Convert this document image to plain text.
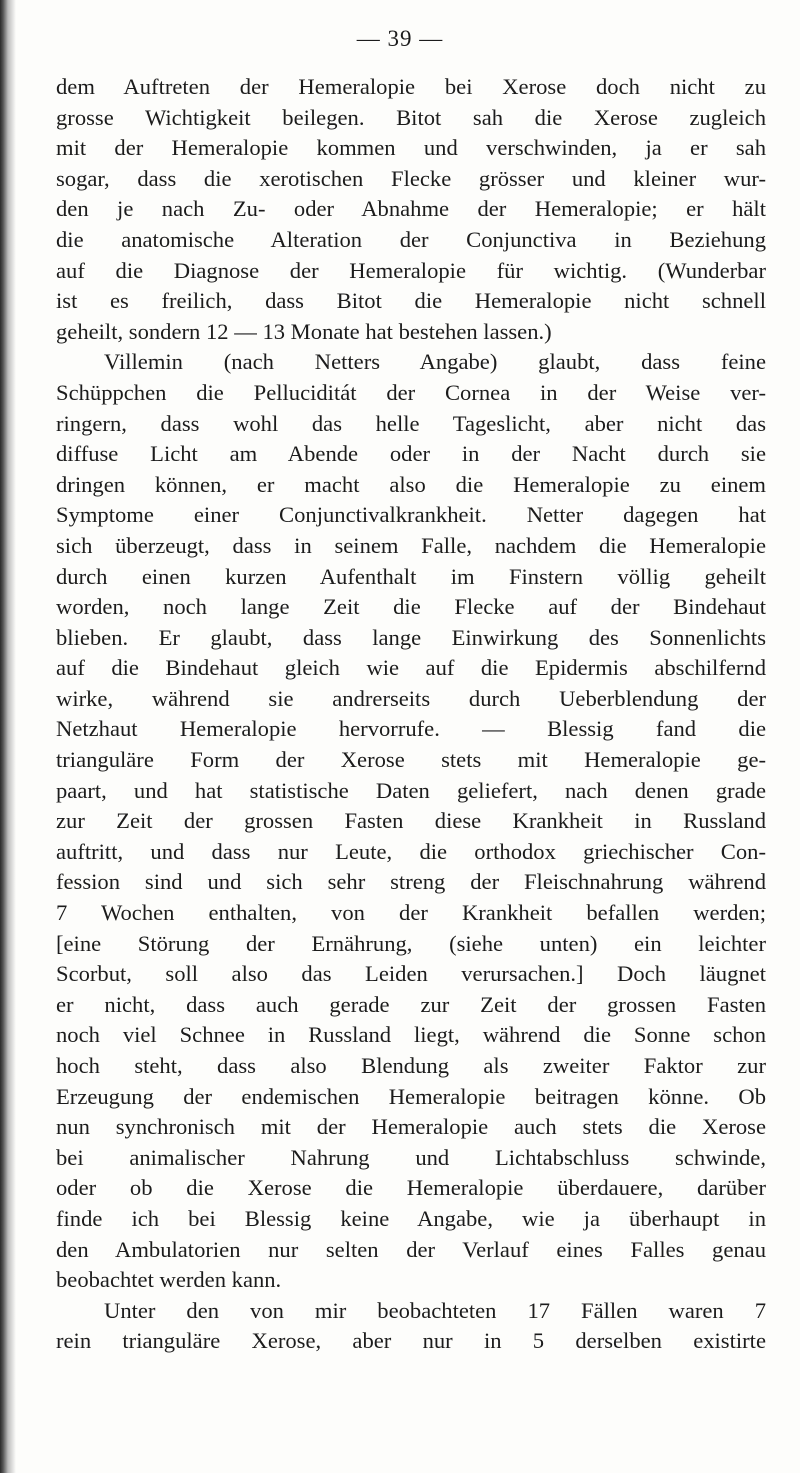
— 39 —
dem Auftreten der Hemeralopie bei Xerose doch nicht zu
grosse Wichtigkeit beilegen. Bitot sah die Xerose zugleich
mit der Hemeralopie kommen und verschwinden, ja er sah
sogar, dass die xerotischen Flecke grösser und kleiner wur-
den je nach Zu- oder Abnahme der Hemeralopie; er hält
die anatomische Alteration der Conjunctiva in Beziehung
auf die Diagnose der Hemeralopie für wichtig. (Wunderbar
ist es freilich, dass Bitot die Hemeralopie nicht schnell
geheilt, sondern 12 — 13 Monate hat bestehen lassen.)
Villemin (nach Netters Angabe) glaubt, dass feine
Schüppchen die Pelluciditát der Cornea in der Weise ver-
ringern, dass wohl das helle Tageslicht, aber nicht das
diffuse Licht am Abende oder in der Nacht durch sie
dringen können, er macht also die Hemeralopie zu einem
Symptome einer Conjunctivalkrankheit. Netter dagegen hat
sich überzeugt, dass in seinem Falle, nachdem die Hemeralopie
durch einen kurzen Aufenthalt im Finstern völlig geheilt
worden, noch lange Zeit die Flecke auf der Bindehaut
blieben. Er glaubt, dass lange Einwirkung des Sonnenlichts
auf die Bindehaut gleich wie auf die Epidermis abschilfernd
wirke, während sie andrerseits durch Ueberblendung der
Netzhaut Hemeralopie hervorrufe. — Blessig fand die
trianguläre Form der Xerose stets mit Hemeralopie ge-
paart, und hat statistische Daten geliefert, nach denen grade
zur Zeit der grossen Fasten diese Krankheit in Russland
auftritt, und dass nur Leute, die orthodox griechischer Con-
fession sind und sich sehr streng der Fleischnahrung während
7 Wochen enthalten, von der Krankheit befallen werden;
[eine Störung der Ernährung, (siehe unten) ein leichter
Scorbut, soll also das Leiden verursachen.] Doch läugnet
er nicht, dass auch gerade zur Zeit der grossen Fasten
noch viel Schnee in Russland liegt, während die Sonne schon
hoch steht, dass also Blendung als zweiter Faktor zur
Erzeugung der endemischen Hemeralopie beitragen könne. Ob
nun synchronisch mit der Hemeralopie auch stets die Xerose
bei animalischer Nahrung und Lichtabschluss schwinde,
oder ob die Xerose die Hemeralopie überdauere, darüber
finde ich bei Blessig keine Angabe, wie ja überhaupt in
den Ambulatorien nur selten der Verlauf eines Falles genau
beobachtet werden kann.
Unter den von mir beobachteten 17 Fällen waren 7
rein trianguläre Xerose, aber nur in 5 derselben existirte
